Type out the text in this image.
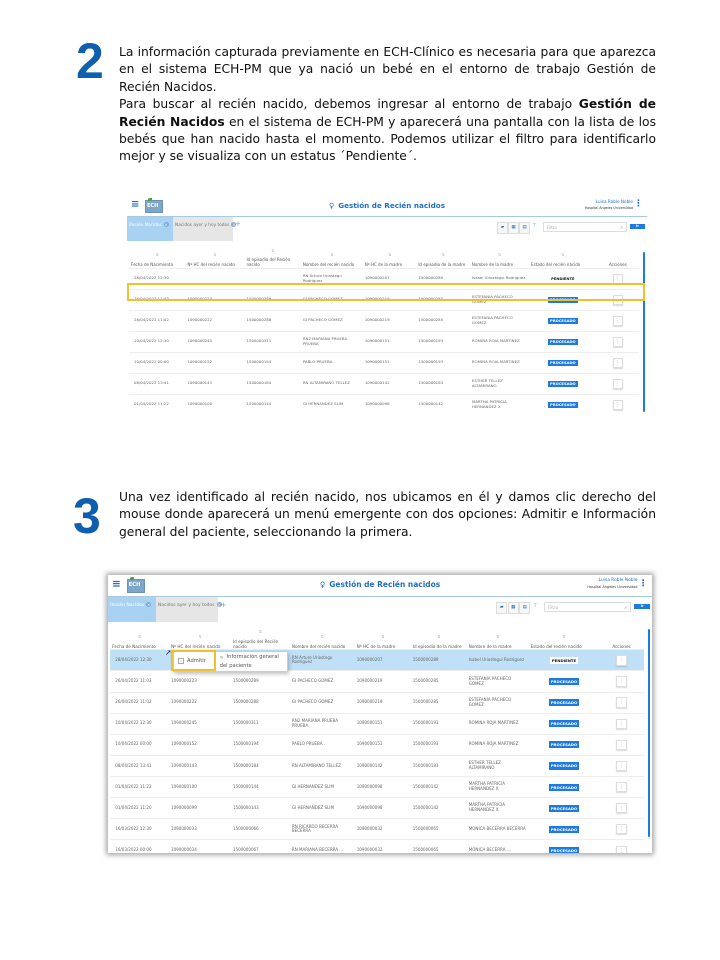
2 La información capturada previamente en ECH-Clínico es necesaria para que aparezca en el sistema ECH-PM que ya nació un bebé en el entorno de trabajo Gestión de Recién Nacidos.

Para buscar al recién nacido, debemos ingresar al entorno de trabajo Gestión de Recién Nacidos en el sistema de ECH-PM y aparecerá una pantalla con la lista de los bebés que han nacido hasta el momento. Podemos utilizar el filtro para identificarlo mejor y se visualiza con un estatus ´Pendiente´.

≡ ECH	♀ Gestión de Recién nacidos	Luisa Roble Noble
Hospital Ángeles Universidad ⋮
Recién Nacidos ×	Nacidos ayer y hoy todos × +	▰	▦	▤	⊤	Filtro	⌕	Ir
⇅
Fecha de Nacimiento	⇅
Nº HC del recién nacido	⇅
Id episodio del Recién nacido	⇅
Nombre del recién nacido	⇅
Nº HC de la madre	⇅
Id episodio de la madre	⇅
Nombre de la madre	⇅
Estado del recién nacido	Acciones
28/04/2022 12:30			RN Arturo Uriostegu Rodriguez	1090000207	1500000289	Isabel Uriostegui Rodriguez	PENDIENTE	⋮
26/04/2022 11:03	1090000223	1500000289	GI PACHECO GOMEZ	1090000219	1500000285	ESTEFANIA PACHECO GOMEZ	PROCESADO	⋮
26/04/2022 11:02	1090000222	1500000288	GI PACHECO GOMEZ	1090000219	1500000285	ESTEFANIA PACHECO GOMEZ	PROCESADO	⋮
10/04/2022 12:30	1090000245	1500000311	RN2 MARIANA PRUEBA PRUEBA	1090000151	1500000193	ROMINA ROJA MARTINEZ	PROCESADO	⋮
10/04/2022 00:00	1090000152	1500000194	PABLO PRUEBA .	1090000151	1500000193	ROMINA ROJA MARTINEZ	PROCESADO	⋮
08/04/2022 13:41	1090000143	1500000184	RN ALTAMIRANO TELLEZ	1090000142	1500000183	ESTHER TELLEZ ALTAMIRANO	PROCESADO	⋮
01/04/2022 11:22	1090000100	1500000144	GI HERNANDEZ SLIM	1090000098	1500000142	MARTHA PATRICIA HERNANDEZ X	PROCESADO	⋮
3 Una vez identificado al recién nacido, nos ubicamos en él y damos clic derecho del mouse donde aparecerá un menú emergente con dos opciones: Admitir e Información general del paciente, seleccionando la primera.

≡ ECH	♀ Gestión de Recién nacidos	Luisa Roble Noble
Hospital Ángeles Universidad ⋮
Recién Nacidos ×	Nacidos ayer y hoy todos × +	▰	▦	▤	⊤	Filtro	⌕	Ir
⇅
Fecha de Nacimiento	⇅
Nº HC del recién nacido	⇅
Id episodio del Recién nacido	⇅
Nombre del recién nacido	⇅
Nº HC de la madre	⇅
Id episodio de la madre	⇅
Nombre de la madre	⇅
Estado del recién nacido	Acciones
28/04/2022 12:30			RN Arturo Uriostegu Rodriguez	1090000207	1500000289	Isabel Uriostegui Rodriguez	PENDIENTE	⋮
26/04/2022 11:03	1090000223	1500000289	GI PACHECO GOMEZ	1090000219	1500000285	ESTEFANIA PACHECO GOMEZ	PROCESADO	⋮
26/04/2022 11:02	1090000222	1500000288	GI PACHECO GOMEZ	1090000219	1500000285	ESTEFANIA PACHECO GOMEZ	PROCESADO	⋮
10/04/2022 12:30	1090000245	1500000311	RN2 MARIANA PRUEBA PRUEBA	1090000151	1500000193	ROMINA ROJA MARTINEZ	PROCESADO	⋮
10/04/2022 00:00	1090000152	1500000194	PABLO PRUEBA .	1090000151	1500000193	ROMINA ROJA MARTINEZ	PROCESADO	⋮
08/04/2022 13:41	1090000143	1500000184	RN ALTAMIRANO TELLEZ	1090000142	1500000183	ESTHER TELLEZ ALTAMIRANO	PROCESADO	⋮
01/04/2022 11:22	1090000100	1500000144	GI HERNANDEZ SLIM	1090000098	1500000142	MARTHA PATRICIA HERNANDEZ X	PROCESADO	⋮
01/04/2022 11:20	1090000099	1500000143	GI HERNANDEZ SLIM	1090000098	1500000142	MARTHA PATRICIA HERNANDEZ X	PROCESADO	⋮
16/03/2022 12:30	1090000033	1500000066	RN RICARDO BECERRA BECERRA	1090000032	1500000065	MONICA BECERRA BECERRA	PROCESADO	⋮
16/03/2022 00:00	1090000034	1500000067	RN MARIANA BECERRA ...	1090000032	1500000065	MONICA BECERRA ...	PROCESADO	⋮
✓ Admitir
▤ Información general del paciente
➚
